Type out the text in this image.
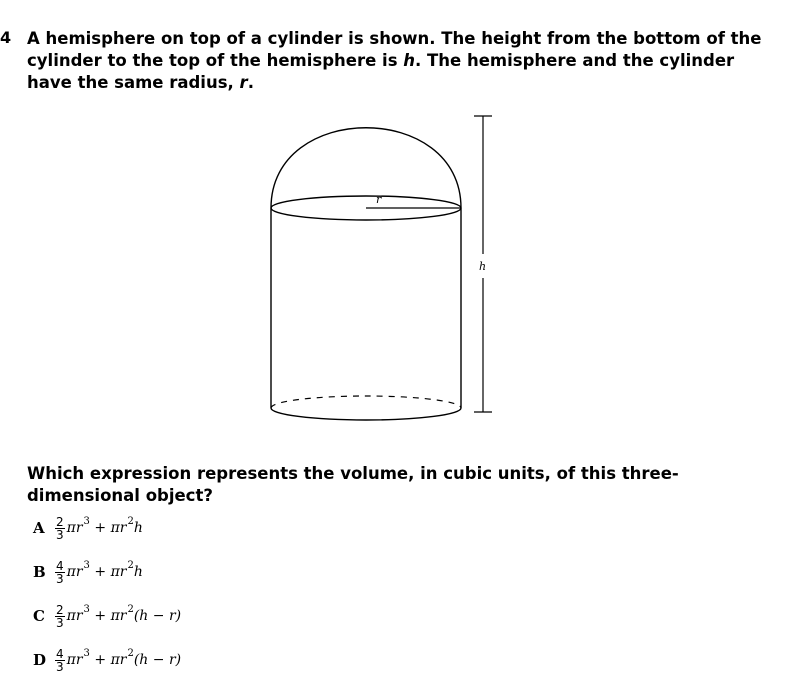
4 A hemisphere on top of a cylinder is shown. The height from the bottom of the cylinder to the top of the hemisphere is h. The hemisphere and the cylinder have the same radius, r.
r
h
Which expression represents the volume, in cubic units, of this three-dimensional object?
A $\frac{2}{3}$ π r 3 + π r 2 h
B $\frac{4}{3}$ π r 3 + π r 2 h
C $\frac{2}{3}$ π r 3 + π r 2 (h − r)
D $\frac{4}{3}$ π r 3 + π r 2 (h − r)
